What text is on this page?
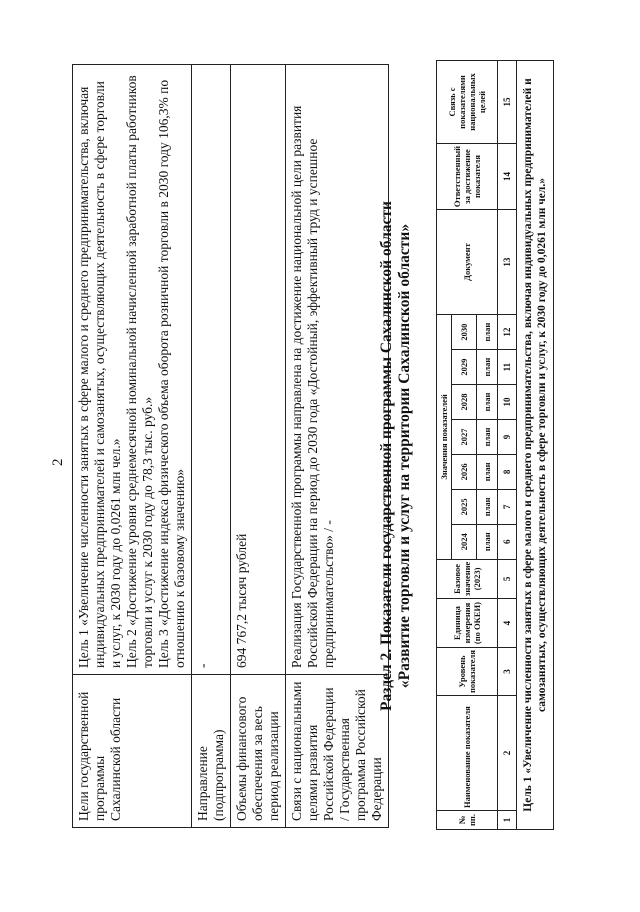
2
Цели государственной программы Сахалинской области	Цель 1 «Увеличение численности занятых в сфере малого и среднего предпринимательства, включая индивидуальных предпринимателей и самозанятых, осуществляющих деятельность в сфере торговли и услуг, к 2030 году до 0,0261 млн чел.» Цель 2 «Достижение уровня среднемесячной номинальной начисленной заработной платы работников торговли и услуг к 2030 году до 78,3 тыс. руб.» Цель 3 «Достижение индекса физического объема оборота розничной торговли в 2030 году 106,3% по отношению к базовому значению»

Направление (подпрограмма)	-
Объемы финансового обеспечения за весь период реализации	694 767,2 тысяч рублей
Связи с национальными целями развития Российской Федерации / Государственная программа Российской Федерации	Реализация Государственной программы направлена на достижение национальной цели развития Российской Федерации на период до 2030 года «Достойный, эффективный труд и успешное предпринимательство» / -	Раздел 2. Показатели государственной программы Сахалинской области «Развитие торговли и услуг на территории Сахалинской области»
№ пп.	Наименование показателя	Уровень показателя	Единица измерения (по ОКЕИ)	Базовое значение (2023)	Значения показателей							Документ	Ответственный за достижение показателя	Связь с показателями национальных целей
					2024	2025	2026	2027	2028	2029	2030			
					план	план	план	план	план	план	план			
1	2	3	4	5	6	7	8	9	10	11	12	13	14	15
Цель 1 «Увеличение численности занятых в сфере малого и среднего предпринимательства, включая индивидуальных предпринимателей и самозанятых, осуществляющих деятельность в сфере торговли и услуг, к 2030 году до 0,0261 млн чел.»														
